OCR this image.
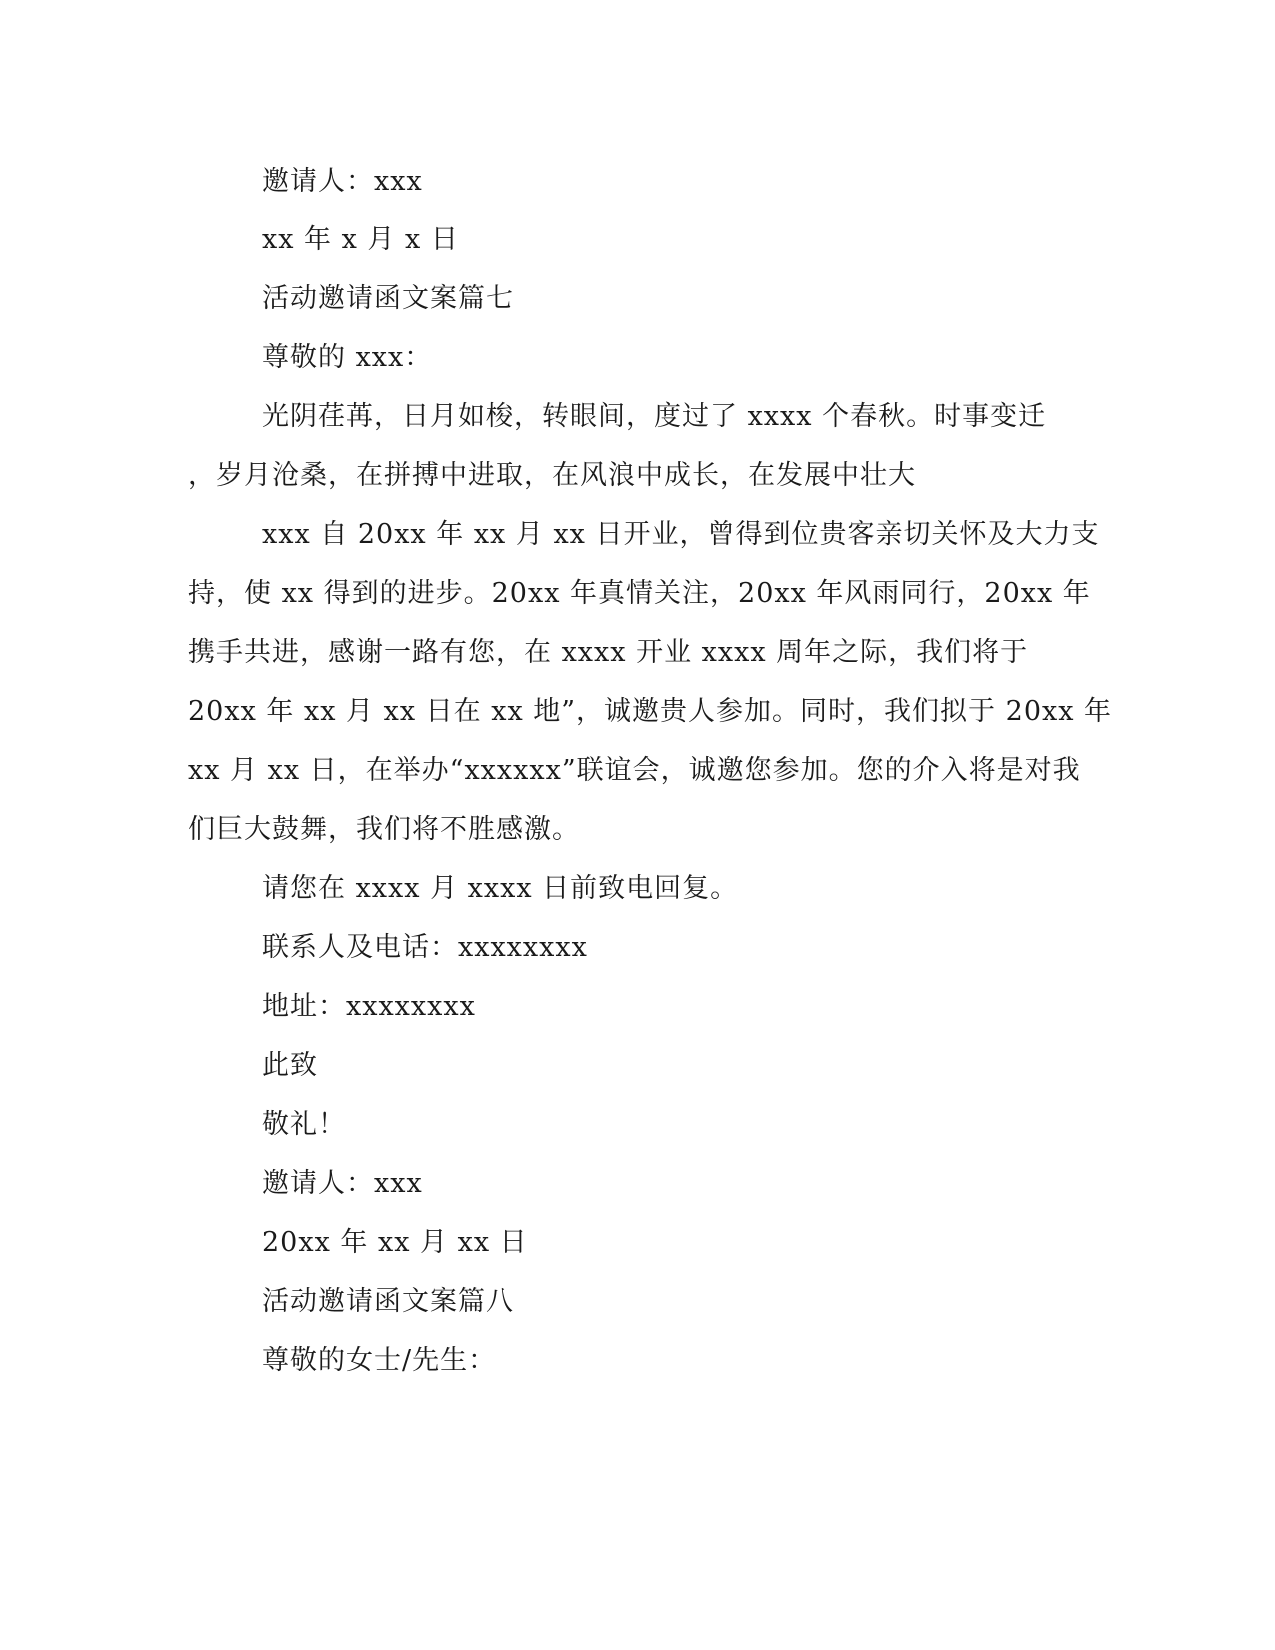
邀请人：xxx
xx 年 x 月 x 日
活动邀请函文案篇七
尊敬的 xxx：
光阴荏苒，日月如梭，转眼间，度过了 xxxx 个春秋。时事变迁
，岁月沧桑，在拼搏中进取，在风浪中成长，在发展中壮大
xxx 自 20xx 年 xx 月 xx 日开业，曾得到位贵客亲切关怀及大力支
持，使 xx 得到的进步。20xx 年真情关注，20xx 年风雨同行，20xx 年
携手共进，感谢一路有您，在 xxxx 开业 xxxx 周年之际，我们将于
20xx 年 xx 月 xx 日在 xx 地”，诚邀贵人参加。同时，我们拟于 20xx 年
xx 月 xx 日，在举办“xxxxxx”联谊会，诚邀您参加。您的介入将是对我
们巨大鼓舞，我们将不胜感激。
请您在 xxxx 月 xxxx 日前致电回复。
联系人及电话：xxxxxxxx
地址：xxxxxxxx
此致
敬礼！
邀请人：xxx
20xx 年 xx 月 xx 日
活动邀请函文案篇八
尊敬的女士/先生：
